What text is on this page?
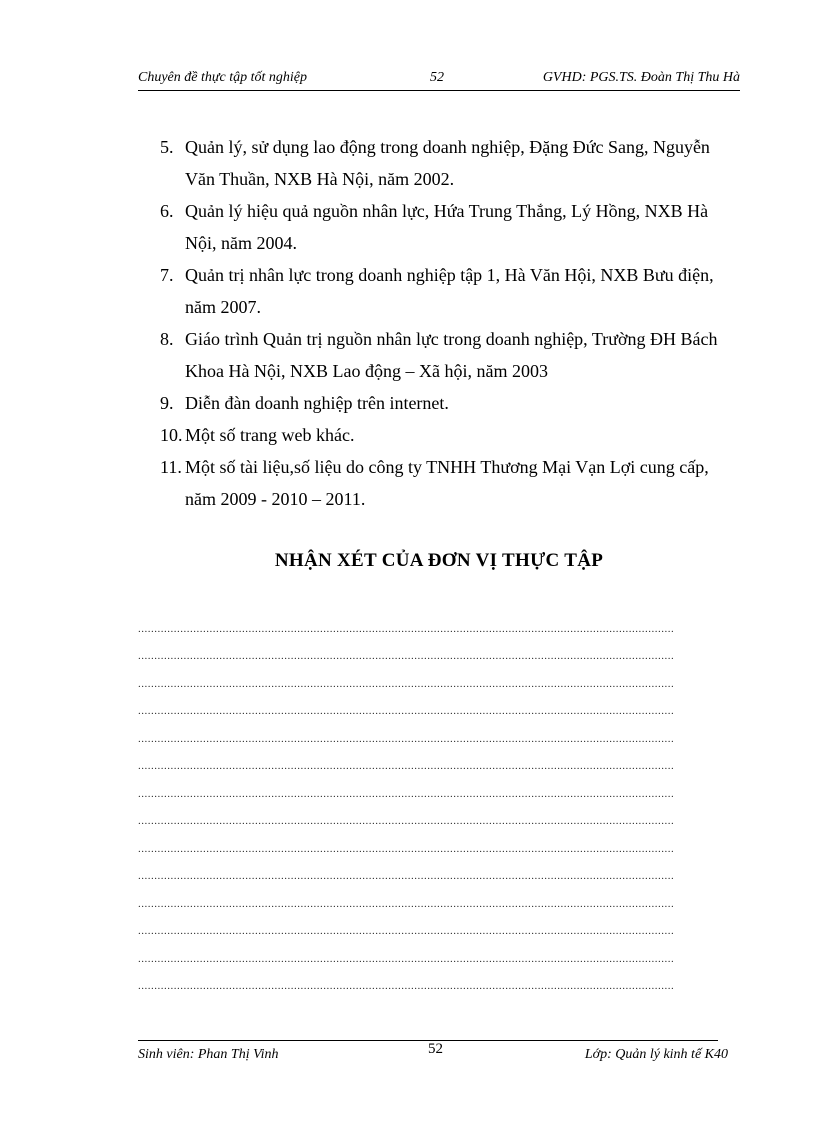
Chuyên đề thực tập tốt nghiệp	52	GVHD: PGS.TS. Đoàn Thị Thu Hà
5. Quản lý, sử dụng lao động trong doanh nghiệp, Đặng Đức Sang, Nguyễn Văn Thuần, NXB Hà Nội, năm 2002.
6. Quản lý hiệu quả nguồn nhân lực, Hứa Trung Thắng, Lý Hồng, NXB Hà Nội, năm 2004.
7. Quản trị nhân lực trong doanh nghiệp tập 1, Hà Văn Hội, NXB Bưu điện, năm 2007.
8. Giáo trình Quản trị nguồn nhân lực trong doanh nghiệp, Trường ĐH Bách Khoa Hà Nội, NXB Lao động – Xã hội, năm 2003
9. Diễn đàn doanh nghiệp trên internet.
10. Một số trang web khác.
11. Một số tài liệu,số liệu do công ty TNHH Thương Mại Vạn Lợi cung cấp, năm 2009 - 2010 – 2011.
NHẬN XÉT CỦA ĐƠN VỊ THỰC TẬP
.....................................................................................................................................................................
.....................................................................................................................................................................
.....................................................................................................................................................................
.....................................................................................................................................................................
.....................................................................................................................................................................
.....................................................................................................................................................................
.....................................................................................................................................................................
.....................................................................................................................................................................
.....................................................................................................................................................................
.....................................................................................................................................................................
.....................................................................................................................................................................
.....................................................................................................................................................................
.....................................................................................................................................................................
.....................................................................................................................................................................
Sinh viên: Phan Thị Vinh	52	Lớp: Quản lý kinh tế K40
